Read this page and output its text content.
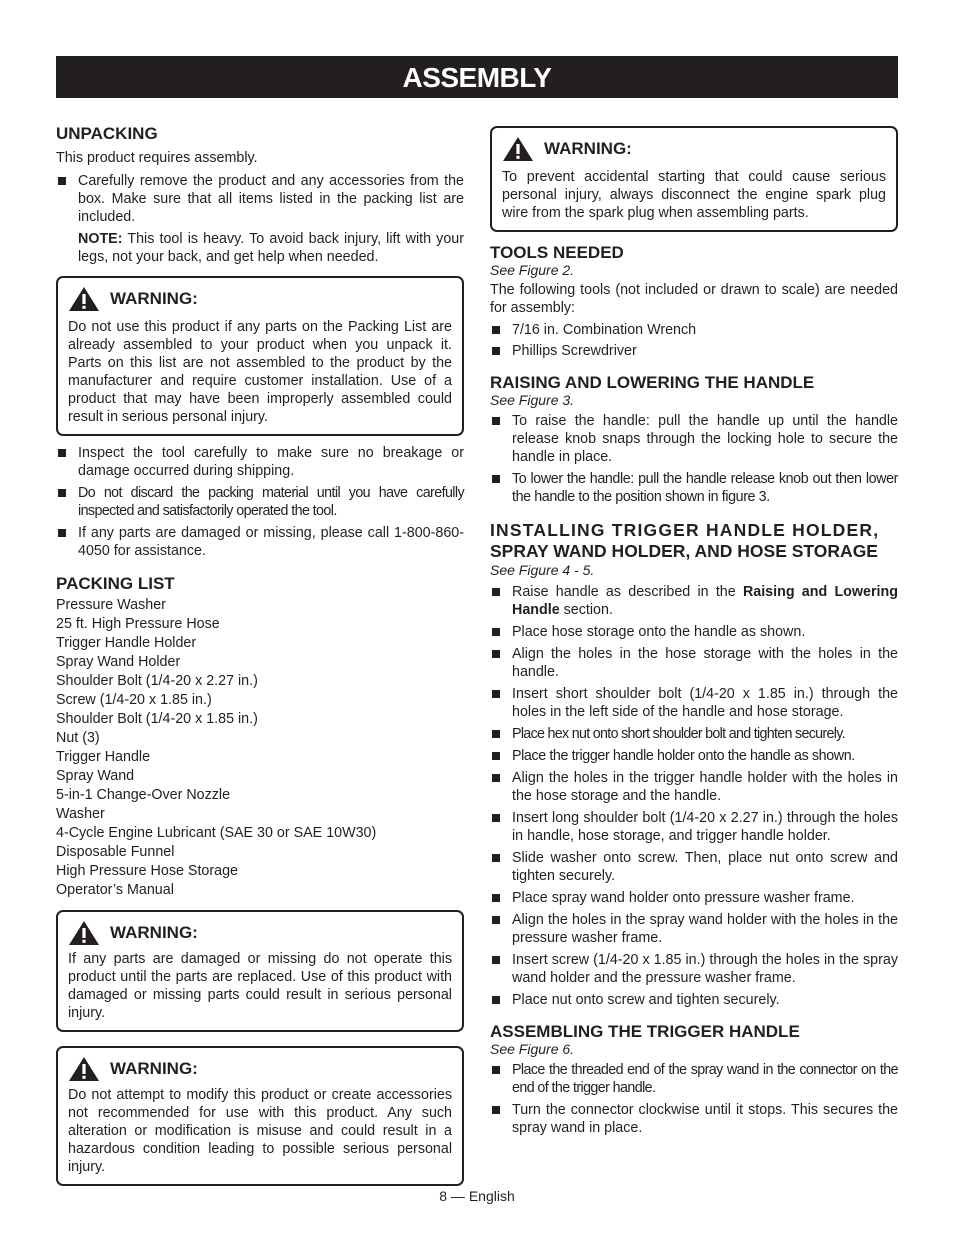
ASSEMBLY
UNPACKING
This product requires assembly.
Carefully remove the product and any accessories from the box. Make sure that all items listed in the packing list are included.
NOTE: This tool is heavy. To avoid back injury, lift with your legs, not your back, and get help when needed.
WARNING:
Do not use this product if any parts on the Packing List are already assembled to your product when you unpack it. Parts on this list are not assembled to the product by the manufacturer and require customer installation. Use of a product that may have been improperly assembled could result in serious personal injury.
Inspect the tool carefully to make sure no breakage or damage occurred during shipping.
Do not discard the packing material until you have carefully inspected and satisfactorily operated the tool.
If any parts are damaged or missing, please call 1-800-860-4050 for assistance.
PACKING LIST
Pressure Washer
25 ft. High Pressure Hose
Trigger Handle Holder
Spray Wand Holder
Shoulder Bolt (1/4-20 x 2.27 in.)
Screw (1/4-20 x 1.85 in.)
Shoulder Bolt (1/4-20 x 1.85 in.)
Nut (3)
Trigger Handle
Spray Wand
5-in-1 Change-Over Nozzle
Washer
4-Cycle Engine Lubricant (SAE 30 or SAE 10W30)
Disposable Funnel
High Pressure Hose Storage
Operator’s Manual
WARNING:
If any parts are damaged or missing do not operate this product until the parts are replaced. Use of this product with damaged or missing parts could result in serious personal injury.
WARNING:
Do not attempt to modify this product or create accessories not recommended for use with this product. Any such alteration or modification is misuse and could result in a hazardous condition leading to possible serious personal injury.
WARNING:
To prevent accidental starting that could cause serious personal injury, always disconnect the engine spark plug wire from the spark plug when assembling parts.
TOOLS NEEDED
See Figure 2.
The following tools (not included or drawn to scale) are needed for assembly:
7/16 in. Combination Wrench
Phillips Screwdriver
RAISING AND LOWERING THE HANDLE
See Figure 3.
To raise the handle: pull the handle up until the handle release knob snaps through the locking hole to secure the handle in place.
To lower the handle: pull the handle release knob out then lower the handle to the position shown in figure 3.
INSTALLING TRIGGER HANDLE HOLDER,
SPRAY WAND HOLDER, AND HOSE STORAGE
See Figure 4 - 5.
Raise handle as described in the Raising and Lowering Handle section.
Place hose storage onto the handle as shown.
Align the holes in the hose storage with the holes in the handle.
Insert short shoulder bolt (1/4-20 x 1.85 in.) through the holes in the left side of the handle and hose storage.
Place hex nut onto short shoulder bolt and tighten securely.
Place the trigger handle holder onto the handle as shown.
Align the holes in the trigger handle holder with the holes in the hose storage and the handle.
Insert long shoulder bolt (1/4-20 x 2.27 in.) through the holes in handle, hose storage, and trigger handle holder.
Slide washer onto screw. Then, place nut onto screw and tighten securely.
Place spray wand holder onto pressure washer frame.
Align the holes in the spray wand holder with the holes in the pressure washer frame.
Insert screw (1/4-20 x 1.85 in.) through the holes in the spray wand holder and the pressure washer frame.
Place nut onto screw and tighten securely.
ASSEMBLING THE TRIGGER HANDLE
See Figure 6.
Place the threaded end of the spray wand in the connector on the end of the trigger handle.
Turn the connector clockwise until it stops. This secures the spray wand in place.
8 — English
